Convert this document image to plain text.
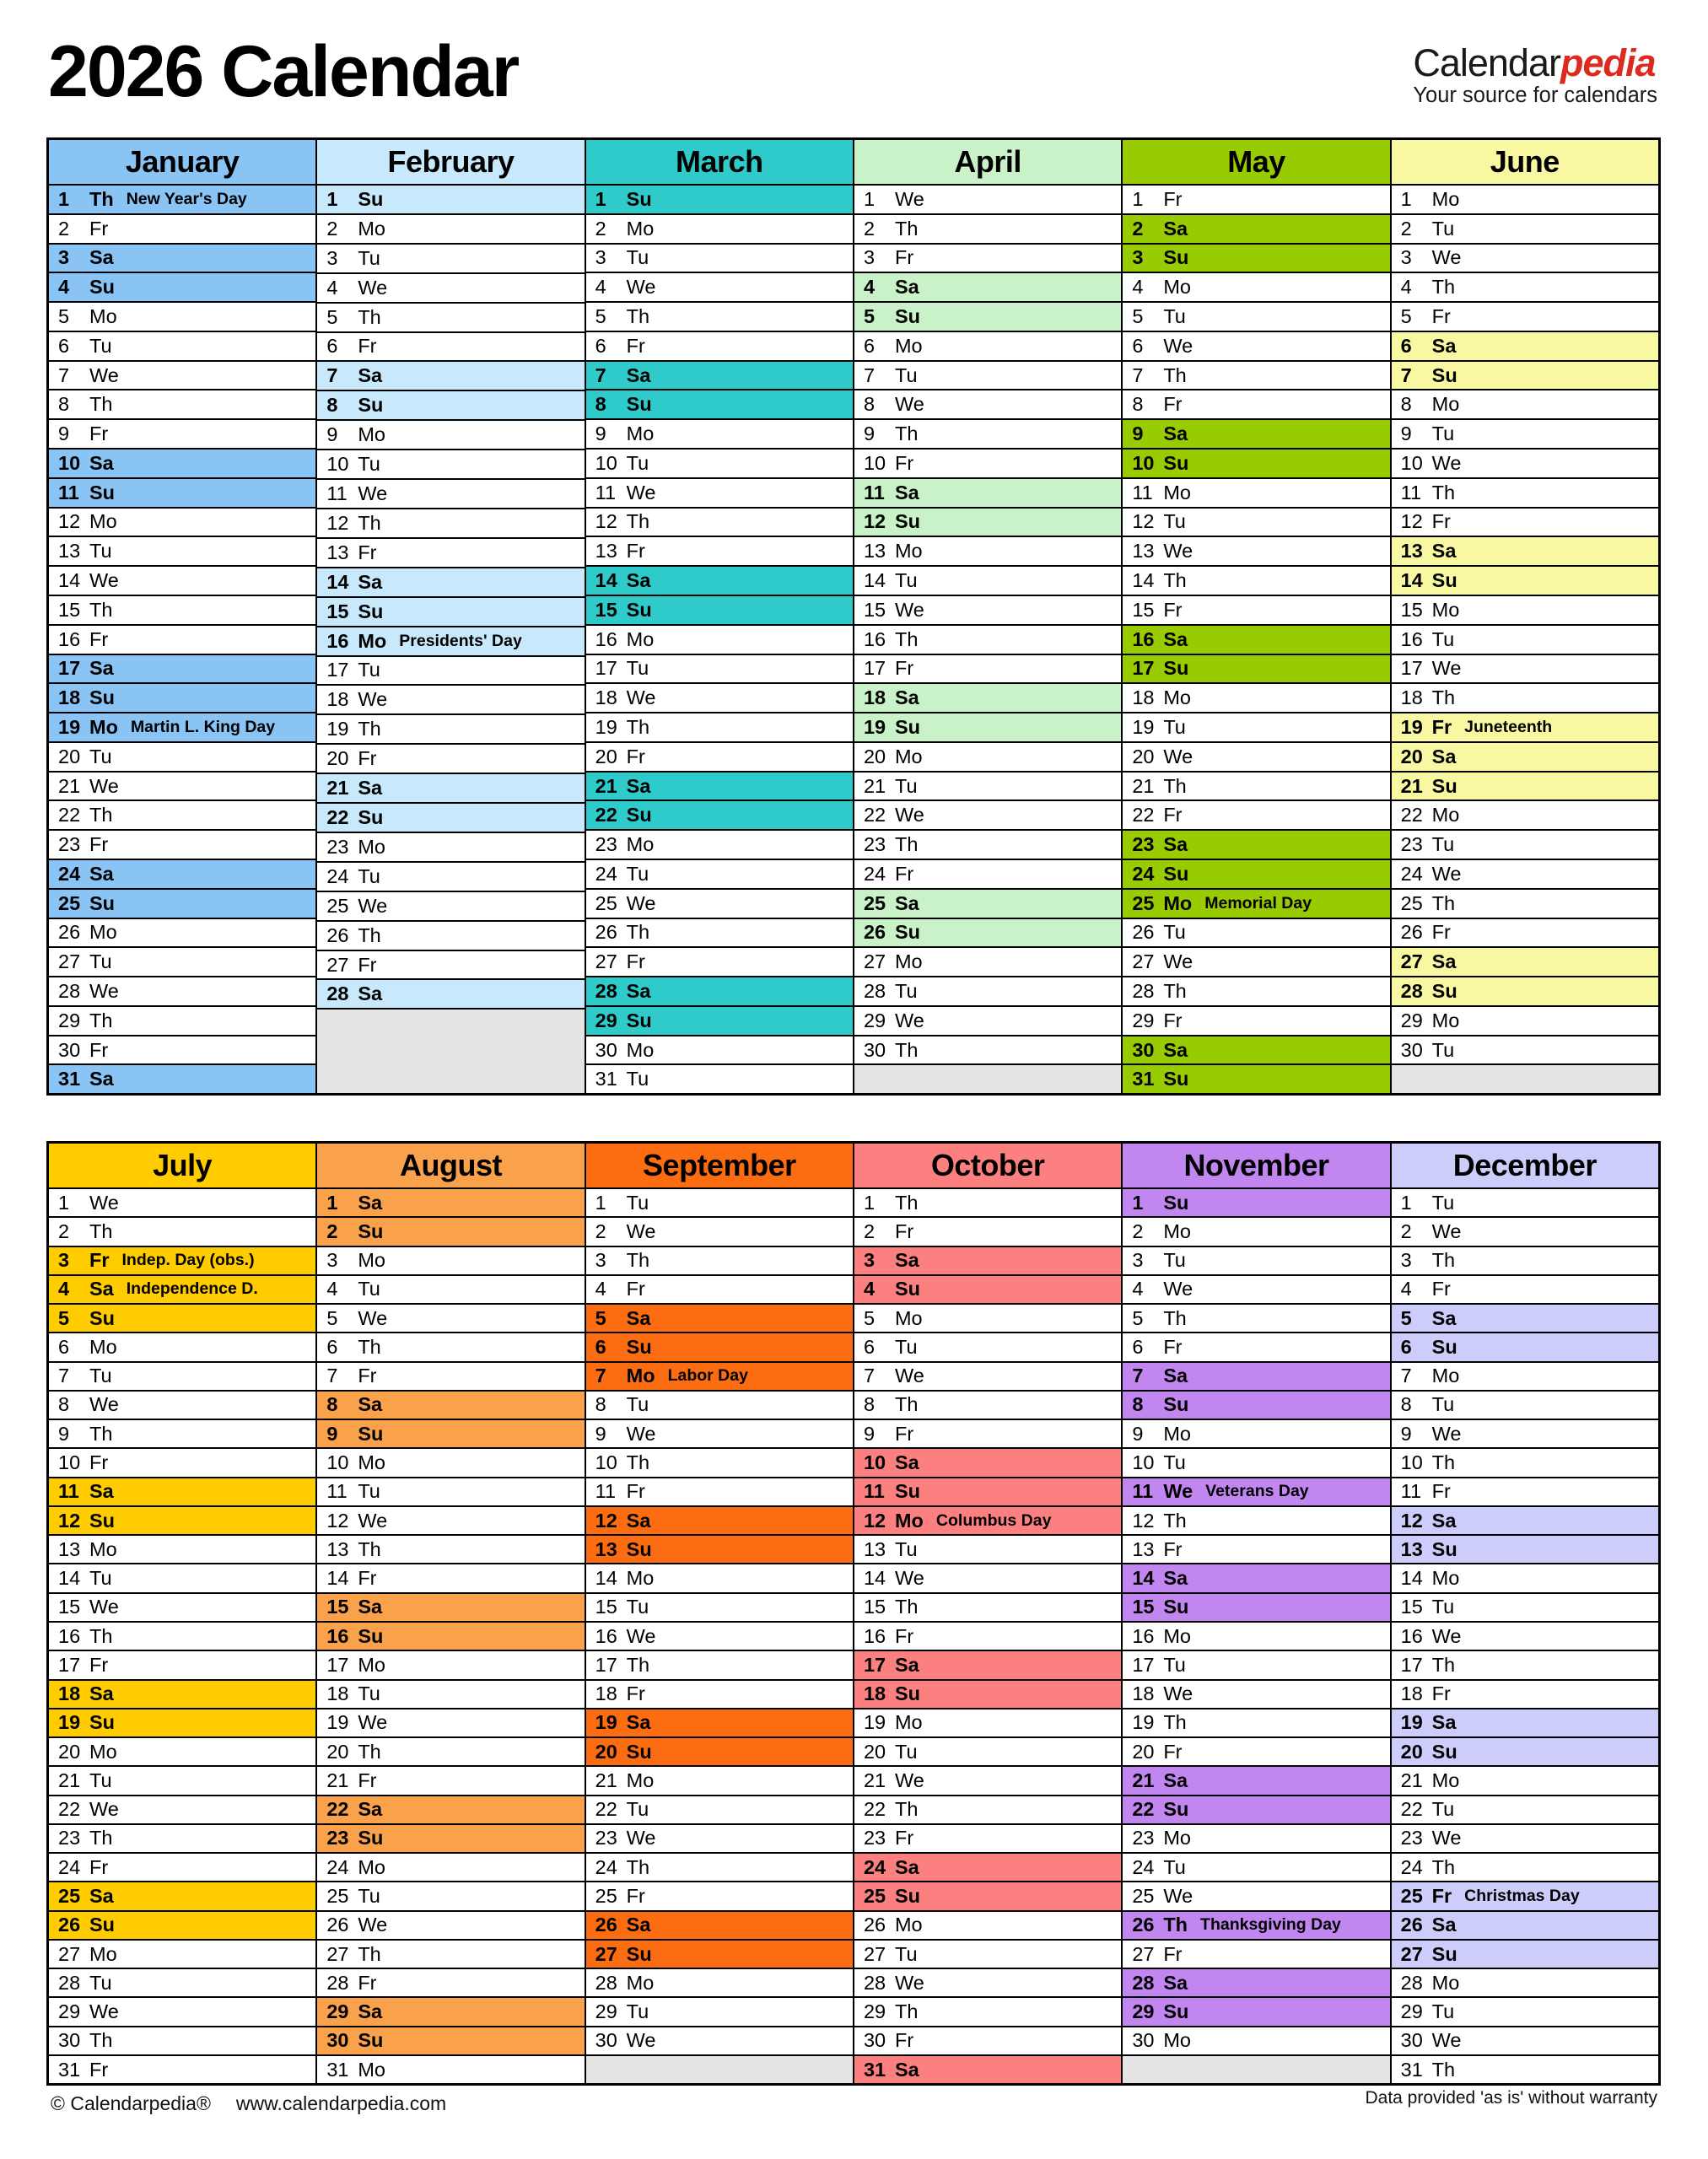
2026 Calendar	Calendarpedia
Your source for calendars
January
1	Th New Year's Day
2	Fr
3	Sa
4	Su
5	Mo
6	Tu
7	We
8	Th
9	Fr
10 Sa
11 Su
12 Mo
13 Tu
14 We
15 Th
16 Fr
17 Sa
18 Su
19 Mo Martin L. King Day
20 Tu
21 We
22 Th
23 Fr
24 Sa
25 Su
26 Mo
27 Tu
28 We
29 Th
30 Fr
31 Sa
February
1	Su
2	Mo
3	Tu
4	We
5	Th
6	Fr
7	Sa
8	Su
9	Mo
10 Tu
11 We
12 Th
13 Fr
14 Sa
15 Su
16 Mo Presidents' Day
17 Tu
18 We
19 Th
20 Fr
21 Sa
22 Su
23 Mo
24 Tu
25 We
26 Th
27 Fr
28 Sa
March
1	Su
2	Mo
3	Tu
4	We
5	Th
6	Fr
7	Sa
8	Su
9	Mo
10 Tu
11 We
12 Th
13 Fr
14 Sa
15 Su
16 Mo
17 Tu
18 We
19 Th
20 Fr
21 Sa
22 Su
23 Mo
24 Tu
25 We
26 Th
27 Fr
28 Sa
29 Su
30 Mo
31 Tu
April
1	We
2	Th
3	Fr
4	Sa
5	Su
6	Mo
7	Tu
8	We
9	Th
10 Fr
11 Sa
12 Su
13 Mo
14 Tu
15 We
16 Th
17 Fr
18 Sa
19 Su
20 Mo
21 Tu
22 We
23 Th
24 Fr
25 Sa
26 Su
27 Mo
28 Tu
29 We
30 Th
May
1	Fr
2	Sa
3	Su
4	Mo
5	Tu
6	We
7	Th
8	Fr
9	Sa
10 Su
11 Mo
12 Tu
13 We
14 Th
15 Fr
16 Sa
17 Su
18 Mo
19 Tu
20 We
21 Th
22 Fr
23 Sa
24 Su
25 Mo Memorial Day
26 Tu
27 We
28 Th
29 Fr
30 Sa
31 Su
June
1	Mo
2	Tu
3	We
4	Th
5	Fr
6	Sa
7	Su
8	Mo
9	Tu
10 We
11 Th
12 Fr
13 Sa
14 Su
15 Mo
16 Tu
17 We
18 Th
19 Fr Juneteenth
20 Sa
21 Su
22 Mo
23 Tu
24 We
25 Th
26 Fr
27 Sa
28 Su
29 Mo
30 Tu
July
1	We
2	Th
3	Fr Indep. Day (obs.)
4	Sa Independence D.
5	Su
6	Mo
7	Tu
8	We
9	Th
10 Fr
11 Sa
12 Su
13 Mo
14 Tu
15 We
16 Th
17 Fr
18 Sa
19 Su
20 Mo
21 Tu
22 We
23 Th
24 Fr
25 Sa
26 Su
27 Mo
28 Tu
29 We
30 Th
31 Fr
August
1	Sa
2	Su
3	Mo
4	Tu
5	We
6	Th
7	Fr
8	Sa
9	Su
10 Mo
11 Tu
12 We
13 Th
14 Fr
15 Sa
16 Su
17 Mo
18 Tu
19 We
20 Th
21 Fr
22 Sa
23 Su
24 Mo
25 Tu
26 We
27 Th
28 Fr
29 Sa
30 Su
31 Mo
September
1	Tu
2	We
3	Th
4	Fr
5	Sa
6	Su
7	Mo Labor Day
8	Tu
9	We
10 Th
11 Fr
12 Sa
13 Su
14 Mo
15 Tu
16 We
17 Th
18 Fr
19 Sa
20 Su
21 Mo
22 Tu
23 We
24 Th
25 Fr
26 Sa
27 Su
28 Mo
29 Tu
30 We
October
1	Th
2	Fr
3	Sa
4	Su
5	Mo
6	Tu
7	We
8	Th
9	Fr
10 Sa
11 Su
12 Mo Columbus Day
13 Tu
14 We
15 Th
16 Fr
17 Sa
18 Su
19 Mo
20 Tu
21 We
22 Th
23 Fr
24 Sa
25 Su
26 Mo
27 Tu
28 We
29 Th
30 Fr
31 Sa
November
1	Su
2	Mo
3	Tu
4	We
5	Th
6	Fr
7	Sa
8	Su
9	Mo
10 Tu
11 We Veterans Day
12 Th
13 Fr
14 Sa
15 Su
16 Mo
17 Tu
18 We
19 Th
20 Fr
21 Sa
22 Su
23 Mo
24 Tu
25 We
26 Th Thanksgiving Day
27 Fr
28 Sa
29 Su
30 Mo
December
1	Tu
2	We
3	Th
4	Fr
5	Sa
6	Su
7	Mo
8	Tu
9	We
10 Th
11 Fr
12 Sa
13 Su
14 Mo
15 Tu
16 We
17 Th
18 Fr
19 Sa
20 Su
21 Mo
22 Tu
23 We
24 Th
25 Fr Christmas Day
26 Sa
27 Su
28 Mo
29 Tu
30 We
31 Th
© Calendarpedia® www.calendarpedia.com	Data provided 'as is' without warranty
